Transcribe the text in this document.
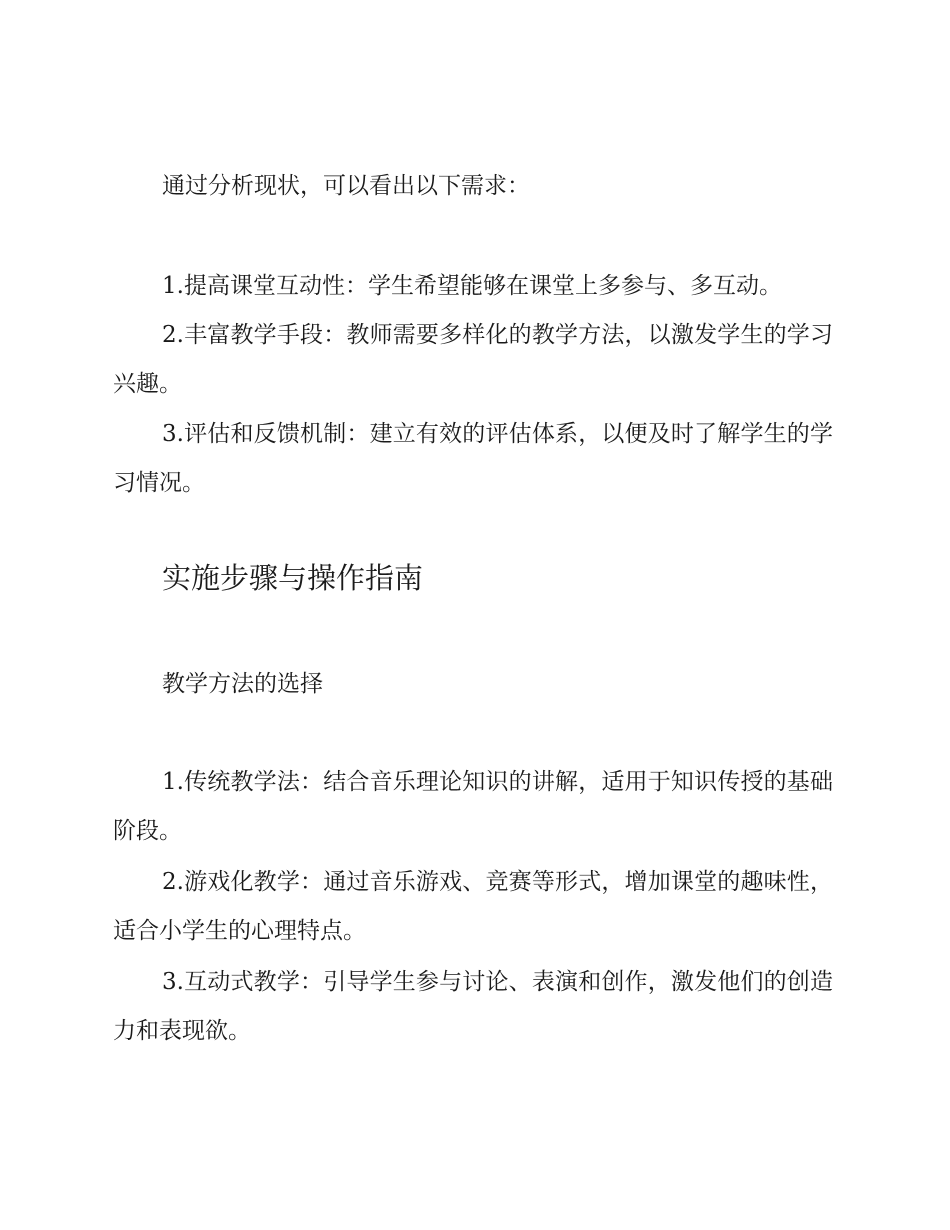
通过分析现状，可以看出以下需求：

1.提高课堂互动性：学生希望能够在课堂上多参与、多互动。

2.丰富教学手段：教师需要多样化的教学方法，以激发学生的学习兴趣。

3.评估和反馈机制：建立有效的评估体系，以便及时了解学生的学习情况。

实施步骤与操作指南
教学方法的选择

1.传统教学法：结合音乐理论知识的讲解，适用于知识传授的基础阶段。

2.游戏化教学：通过音乐游戏、竞赛等形式，增加课堂的趣味性，适合小学生的心理特点。

3.互动式教学：引导学生参与讨论、表演和创作，激发他们的创造力和表现欲。
